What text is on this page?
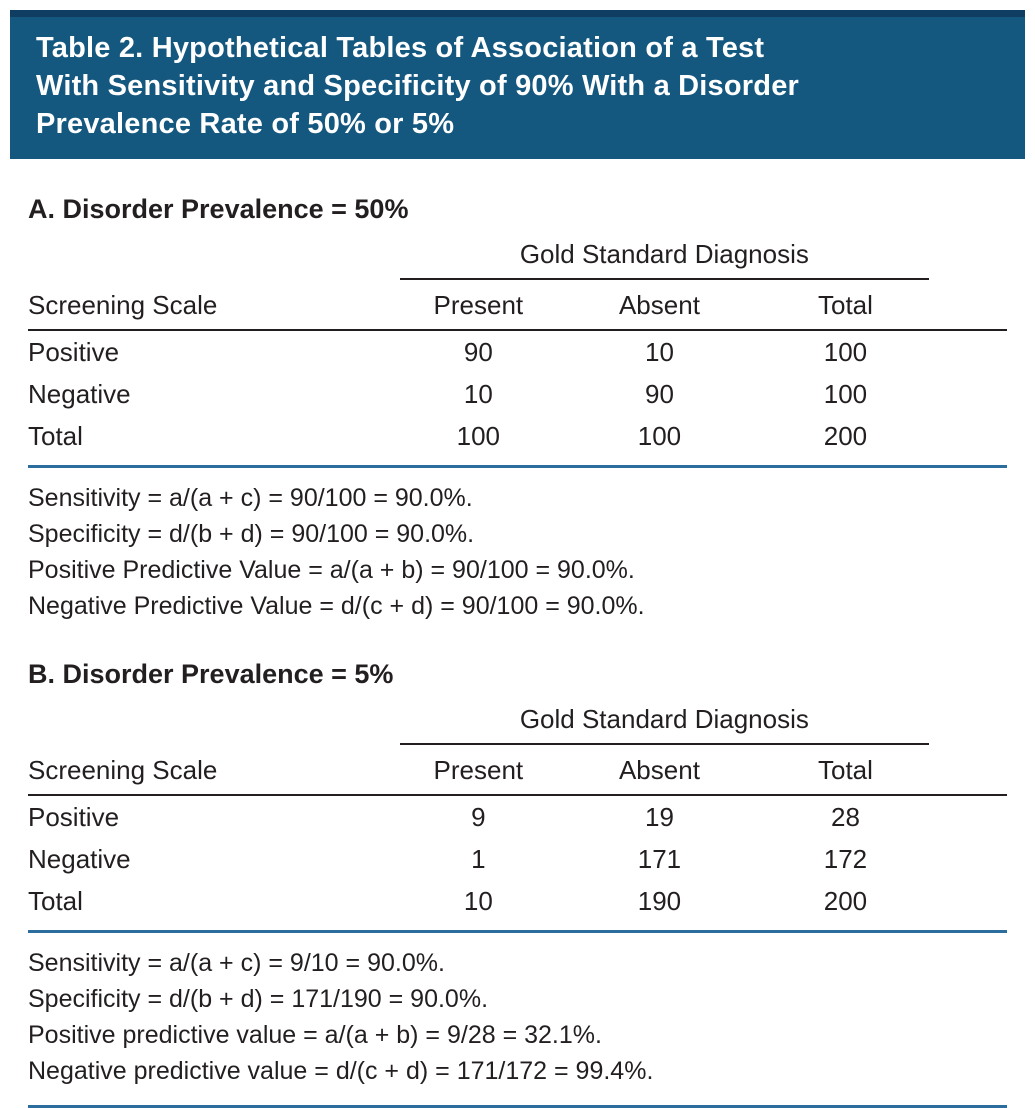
Table 2. Hypothetical Tables of Association of a Test
With Sensitivity and Specificity of 90% With a Disorder
Prevalence Rate of 50% or 5%
A. Disorder Prevalence = 50%
	Gold Standard Diagnosis			
Screening Scale	Present	Absent	Total	
Positive	90	10	100	
Negative	10	90	100	
Total	100	100	200	

Sensitivity = a/(a + c) = 90/100 = 90.0%.

Specificity = d/(b + d) = 90/100 = 90.0%.

Positive Predictive Value = a/(a + b) = 90/100 = 90.0%.

Negative Predictive Value = d/(c + d) = 90/100 = 90.0%.

B. Disorder Prevalence = 5%
	Gold Standard Diagnosis			
Screening Scale	Present	Absent	Total	
Positive	9	19	28	
Negative	1	171	172	
Total	10	190	200	

Sensitivity = a/(a + c) = 9/10 = 90.0%.

Specificity = d/(b + d) = 171/190 = 90.0%.

Positive predictive value = a/(a + b) = 9/28 = 32.1%.

Negative predictive value = d/(c + d) = 171/172 = 99.4%.
